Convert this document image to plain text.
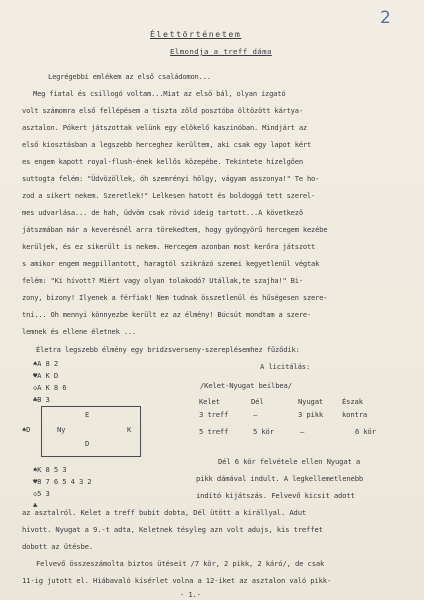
2
Élettörténetem
Elmondja a treff dáma
Legrégebbi emlékem az első családomon...
Meg fiatal és csillogó voltam...Miat az első bál, olyan izgató
volt számomra első fellépésem a tiszta zöld posztóba öltözött kártya-
asztalon. Pókert játszottak velünk egy elökelő kaszinóban. Mindjárt az
első kiosztásban a legszebb herceghez kerültem, aki csak egy lapot kért
es engem kapott royal-flush-ének kellős közepébe. Tekintete hízelgően
suttogta felém: "Üdvözöllek, óh szemrényi hölgy, vágyam asszonya!" Te ho-
zod a sikert nekem. Szeretlek!" Lelkesen hatott és boldoggá tett szerel-
mes udvarlása... de hah, üdvöm csak rövid ideig tartott...A következő
játszmában már a keverésnél arra törekedtem, hogy gyöngyörű hercegem kezébe
kerüljek, és ez sikerült is nekem. Hercegem azonban most kerőra játszott
s amikor engem megpillantott, haragtól szikrázó szemei kegyetlenül végtak
felém: "Ki hívott? Miért vagy olyan tolakodó? Utállak,te szajha!" Bi-
zony, bizony! Ilyenek a férfiak! Nem tudnak összetlenül és hűségesen szere-
tni... Oh mennyi könnyezbe került ez az élmény! Búcsút mondtam a szere-
lemnek és ellene életnek ...
Életra legszebb élmény egy bridzsverseny-szereplésemhez fűződik:
♠A 8 2
♥A K D
◇A K 8 6
♣B 3
♠D
E
Ny	K
D
♠K 8 5 3
♥8 7 6 5 4 3 2
◇5 3
♣
A licitálás:
/Kelet-Nyugat beilbea/
Kelet	Dél	Nyugat	Észak
3 treff	—	3 pikk	kontra
5 treff	5 kör	—	6 kör
Dél 6 kör felvétele ellen Nyugat a
pikk dámával indult. A legkellemetlenebb
indító kijátszás. Felvevő kicsit adott
az asztalról. Kelet a treff bubit dobta, Dél ütött a királlyal. Adut
hívott. Nyugat a 9.-t adta, Keletnek tésyleg azn volt adujs, kis treffet
dobott az ütésbe.
Felvevő összeszámolta biztos ütéseit /7 kör, 2 pikk, 2 káró/, de csak
11-ig jutott el. Hiábavaló kísérlet volna a 12-iket az asztalon való pikk-
- 1.-
